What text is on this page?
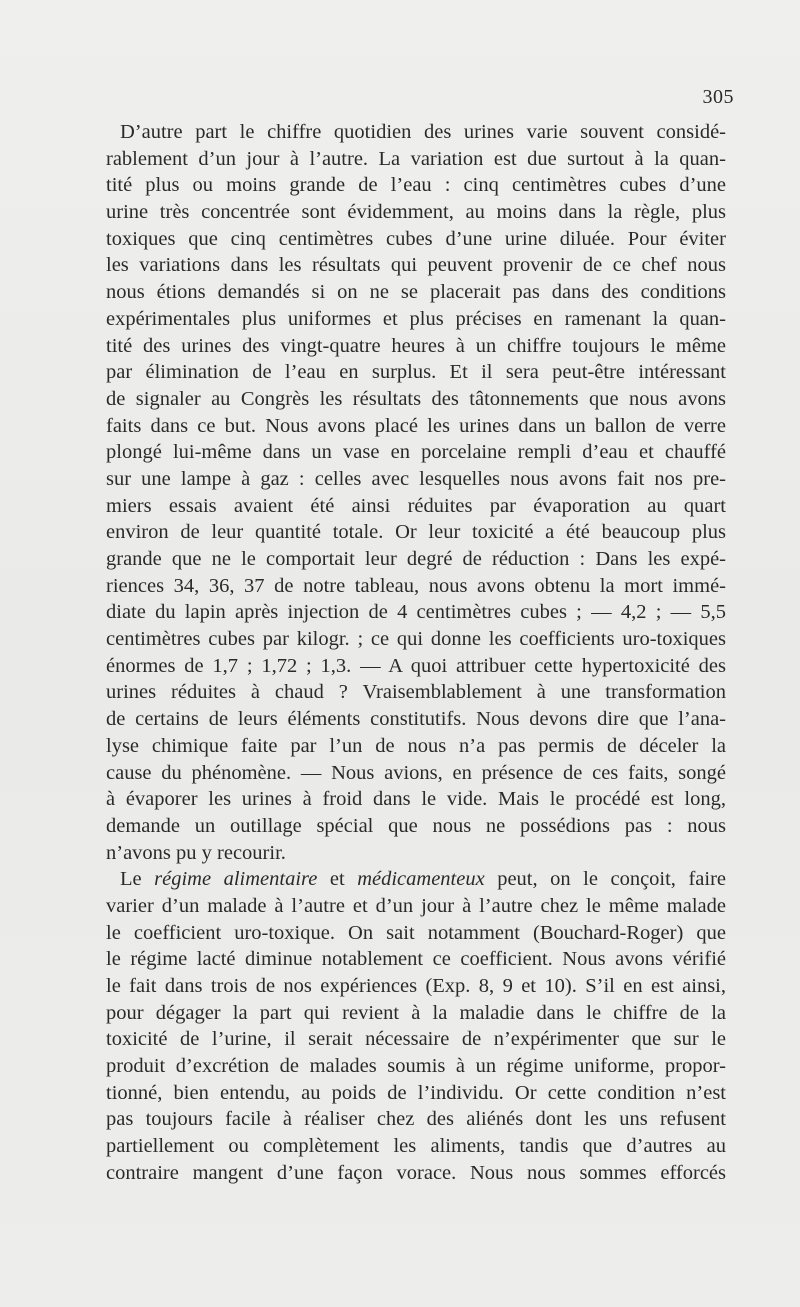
305
D’autre part le chiffre quotidien des urines varie souvent considé-
rablement d’un jour à l’autre. La variation est due surtout à la quan-
tité plus ou moins grande de l’eau : cinq centimètres cubes d’une
urine très concentrée sont évidemment, au moins dans la règle, plus
toxiques que cinq centimètres cubes d’une urine diluée. Pour éviter
les variations dans les résultats qui peuvent provenir de ce chef nous
nous étions demandés si on ne se placerait pas dans des conditions
expérimentales plus uniformes et plus précises en ramenant la quan-
tité des urines des vingt-quatre heures à un chiffre toujours le même
par élimination de l’eau en surplus. Et il sera peut-être intéressant
de signaler au Congrès les résultats des tâtonnements que nous avons
faits dans ce but. Nous avons placé les urines dans un ballon de verre
plongé lui-même dans un vase en porcelaine rempli d’eau et chauffé
sur une lampe à gaz : celles avec lesquelles nous avons fait nos pre-
miers essais avaient été ainsi réduites par évaporation au quart
environ de leur quantité totale. Or leur toxicité a été beaucoup plus
grande que ne le comportait leur degré de réduction : Dans les expé-
riences 34, 36, 37 de notre tableau, nous avons obtenu la mort immé-
diate du lapin après injection de 4 centimètres cubes ; — 4,2 ; — 5,5
centimètres cubes par kilogr. ; ce qui donne les coefficients uro-toxiques
énormes de 1,7 ; 1,72 ; 1,3. — A quoi attribuer cette hypertoxicité des
urines réduites à chaud ? Vraisemblablement à une transformation
de certains de leurs éléments constitutifs. Nous devons dire que l’ana-
lyse chimique faite par l’un de nous n’a pas permis de déceler la
cause du phénomène. — Nous avions, en présence de ces faits, songé
à évaporer les urines à froid dans le vide. Mais le procédé est long,
demande un outillage spécial que nous ne possédions pas : nous
n’avons pu y recourir.
Le régime alimentaire et médicamenteux peut, on le conçoit, faire
varier d’un malade à l’autre et d’un jour à l’autre chez le même malade
le coefficient uro-toxique. On sait notamment (Bouchard-Roger) que
le régime lacté diminue notablement ce coefficient. Nous avons vérifié
le fait dans trois de nos expériences (Exp. 8, 9 et 10). S’il en est ainsi,
pour dégager la part qui revient à la maladie dans le chiffre de la
toxicité de l’urine, il serait nécessaire de n’expérimenter que sur le
produit d’excrétion de malades soumis à un régime uniforme, propor-
tionné, bien entendu, au poids de l’individu. Or cette condition n’est
pas toujours facile à réaliser chez des aliénés dont les uns refusent
partiellement ou complètement les aliments, tandis que d’autres au
contraire mangent d’une façon vorace. Nous nous sommes efforcés
